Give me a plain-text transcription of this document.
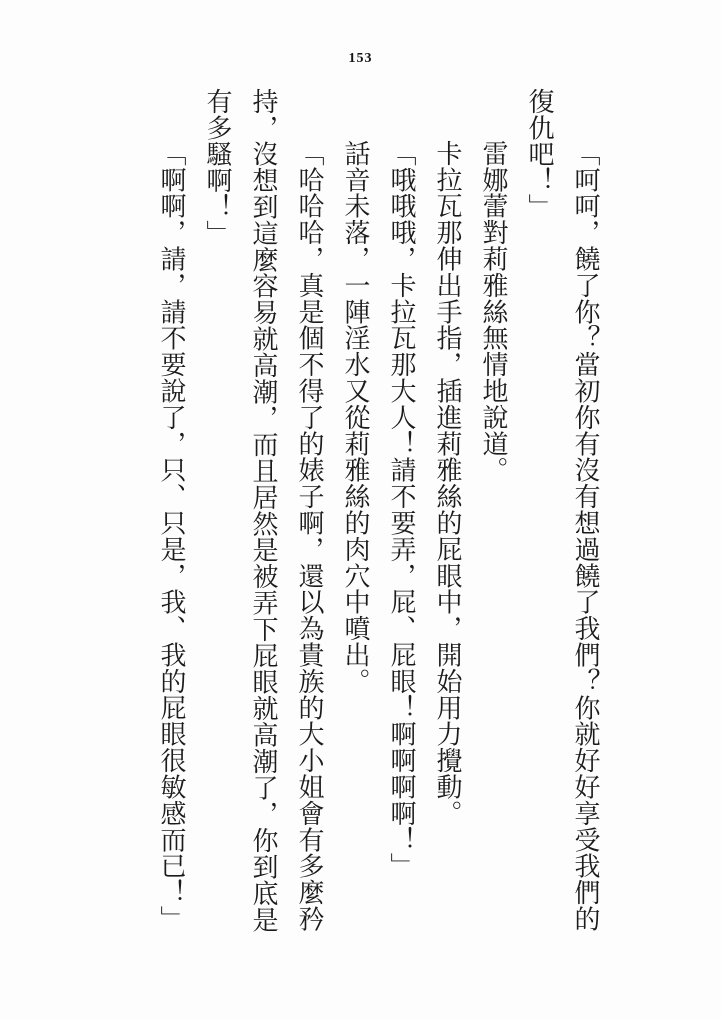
153
「呵呵，饒了你？當初你有沒有想過饒了我們？你就好好享受我們的
復仇吧！」
雷娜蕾對莉雅絲無情地說道。
卡拉瓦那伸出手指，插進莉雅絲的屁眼中，開始用力攪動。
「哦哦哦，卡拉瓦那大人！請不要弄，屁、屁眼！啊啊啊啊！」
話音未落，一陣淫水又從莉雅絲的肉穴中噴出。
「哈哈哈，真是個不得了的婊子啊，還以為貴族的大小姐會有多麼矜
持，沒想到這麼容易就高潮，而且居然是被弄下屁眼就高潮了，你到底是
有多騷啊！」
「啊啊，請，請不要說了，只、只是，我、我的屁眼很敏感而已！」
